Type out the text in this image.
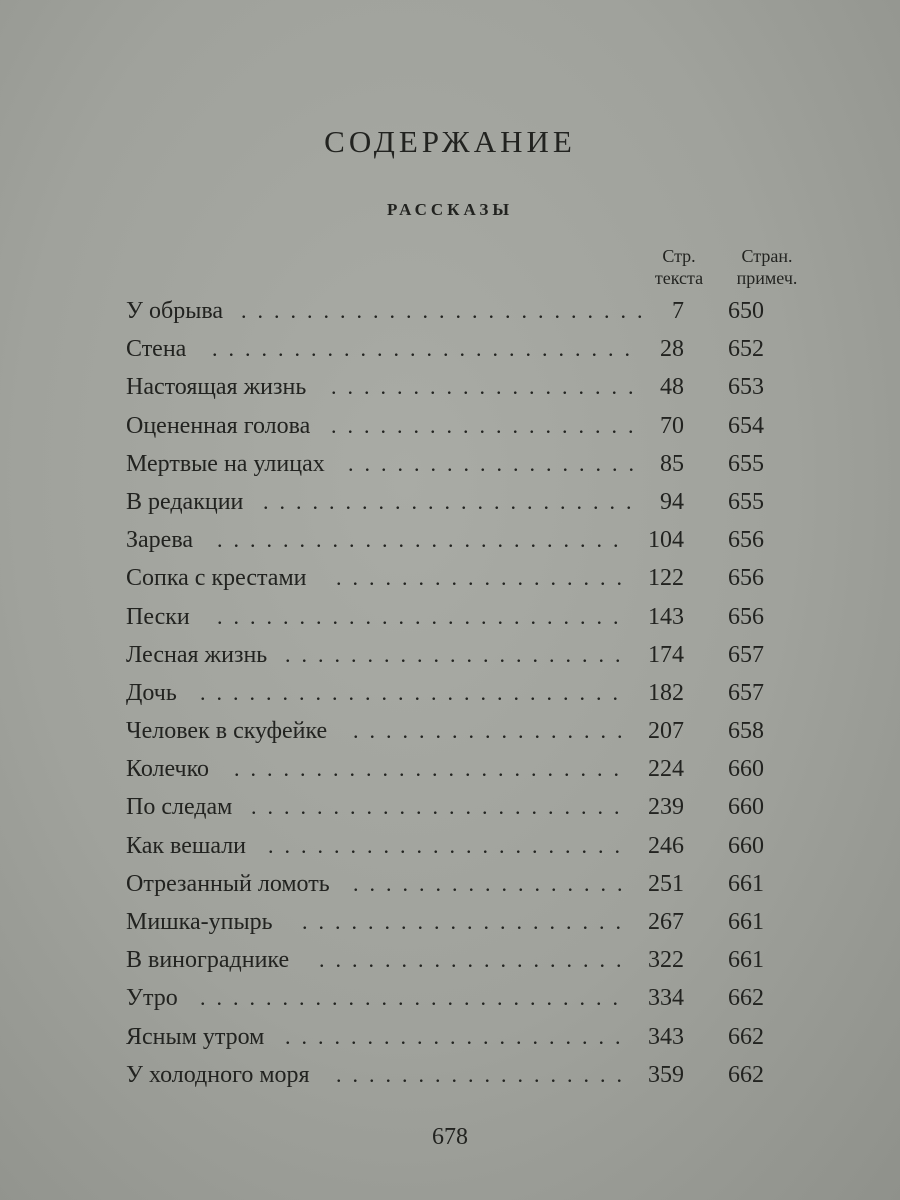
СОДЕРЖАНИЕ
РАССКАЗЫ
Стр.
текста
Стран.
примеч.
.........................
У обрыва	7	650
..........................
Стена	28	652
...................
Настоящая жизнь	48	653
...................
Оцененная голова	70	654
..................
Мертвые на улицах	85	655
.......................
В редакции	94	655
.........................
Зарева	104	656
..................
Сопка с крестами	122	656
.........................
Пески	143	656
.....................
Лесная жизнь	174	657
..........................
Дочь	182	657
.................
Человек в скуфейке	207	658
........................
Колечко	224	660
.......................
По следам	239	660
......................
Как вешали	246	660
.................
Отрезанный ломоть	251	661
....................
Мишка-упырь	267	661
...................
В винограднике	322	661
..........................
Утро	334	662
.....................
Ясным утром	343	662
..................
У холодного моря	359	662
678
